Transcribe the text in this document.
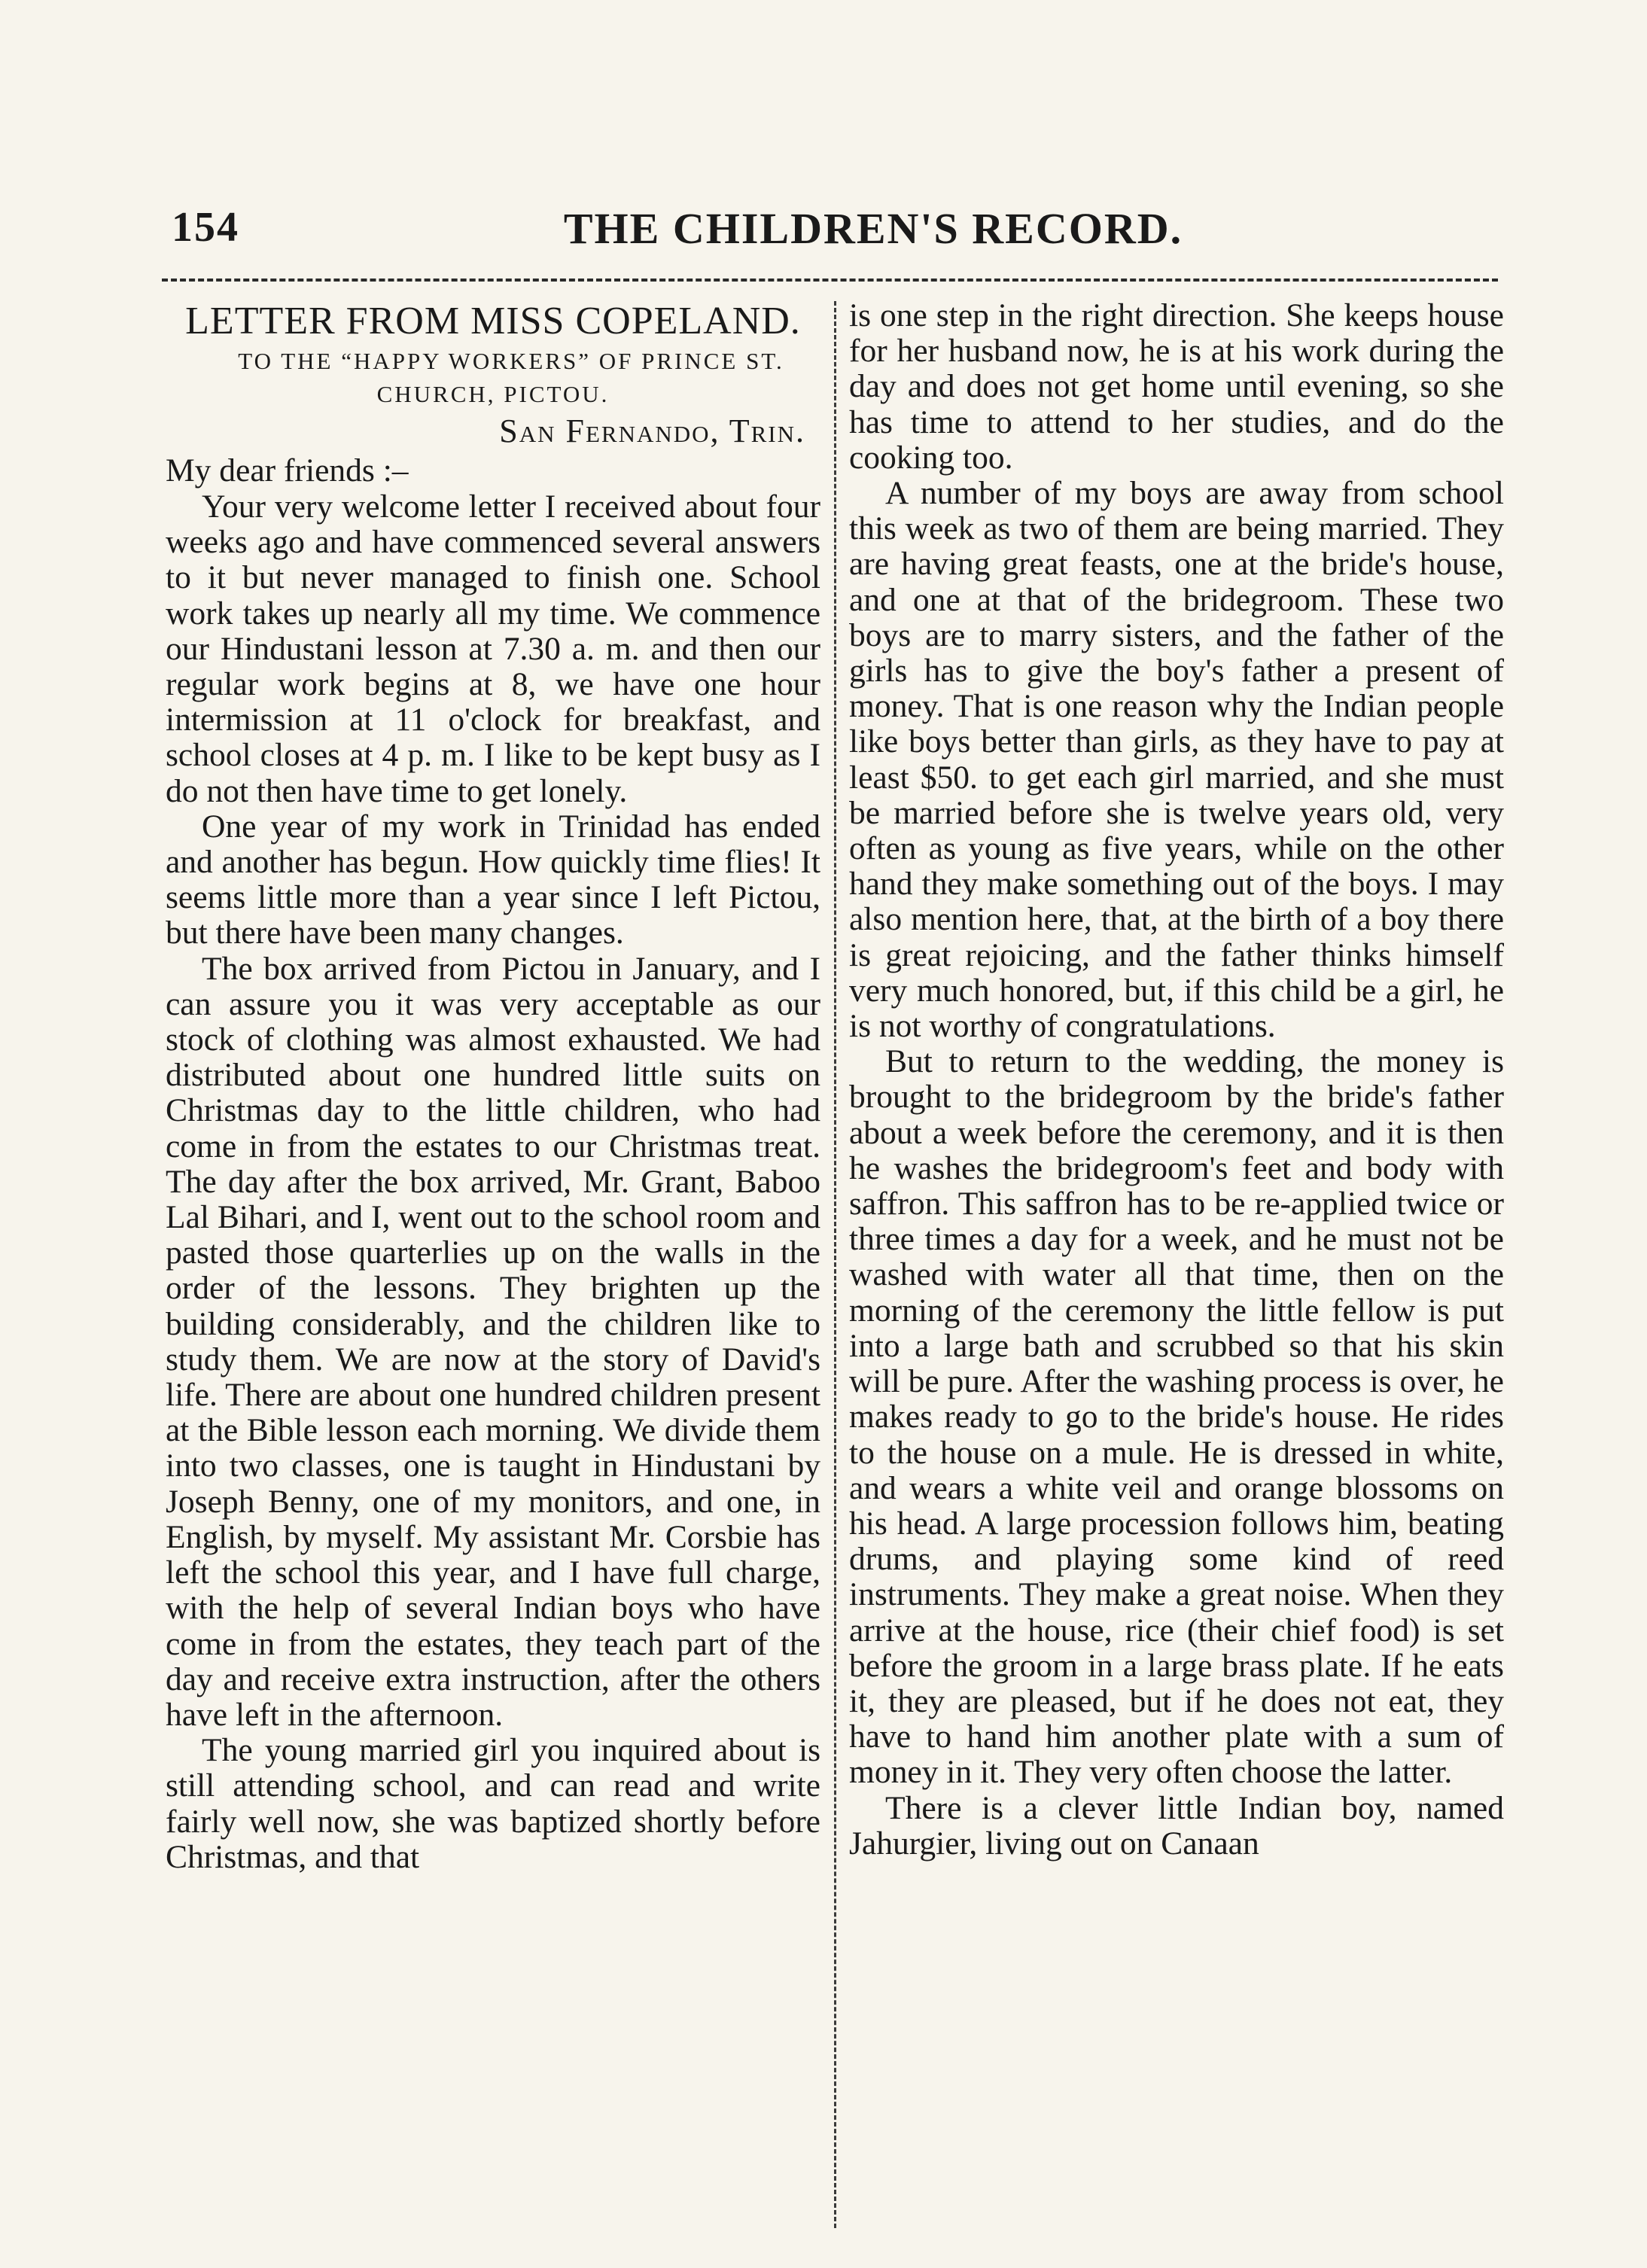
154	THE CHILDREN'S RECORD.

LETTER FROM MISS COPELAND.

TO THE “HAPPY WORKERS” OF PRINCE ST. CHURCH, PICTOU.

San Fernando, Trin.

My dear friends :–

Your very welcome letter I received about four weeks ago and have commenced several answers to it but never managed to finish one. School work takes up nearly all my time. We commence our Hindustani lesson at 7.30 a. m. and then our regular work begins at 8, we have one hour intermission at 11 o'clock for breakfast, and school closes at 4 p. m. I like to be kept busy as I do not then have time to get lonely.

One year of my work in Trinidad has ended and another has begun. How quickly time flies! It seems little more than a year since I left Pictou, but there have been many changes.

The box arrived from Pictou in January, and I can assure you it was very acceptable as our stock of clothing was almost exhausted. We had distributed about one hundred little suits on Christmas day to the little children, who had come in from the estates to our Christmas treat. The day after the box arrived, Mr. Grant, Baboo Lal Bihari, and I, went out to the school room and pasted those quarterlies up on the walls in the order of the lessons. They brighten up the building considerably, and the children like to study them. We are now at the story of David's life. There are about one hundred children present at the Bible lesson each morning. We divide them into two classes, one is taught in Hindustani by Joseph Benny, one of my monitors, and one, in English, by myself. My assistant Mr. Corsbie has left the school this year, and I have full charge, with the help of several Indian boys who have come in from the estates, they teach part of the day and receive extra instruction, after the others have left in the afternoon.

The young married girl you inquired about is still attending school, and can read and write fairly well now, she was baptized shortly before Christmas, and that

is one step in the right direction. She keeps house for her husband now, he is at his work during the day and does not get home until evening, so she has time to attend to her studies, and do the cooking too.

A number of my boys are away from school this week as two of them are being married. They are having great feasts, one at the bride's house, and one at that of the bridegroom. These two boys are to marry sisters, and the father of the girls has to give the boy's father a present of money. That is one reason why the Indian people like boys better than girls, as they have to pay at least $50. to get each girl married, and she must be married before she is twelve years old, very often as young as five years, while on the other hand they make something out of the boys. I may also mention here, that, at the birth of a boy there is great rejoicing, and the father thinks himself very much honored, but, if this child be a girl, he is not worthy of congratulations.

But to return to the wedding, the money is brought to the bridegroom by the bride's father about a week before the ceremony, and it is then he washes the bridegroom's feet and body with saffron. This saffron has to be re-applied twice or three times a day for a week, and he must not be washed with water all that time, then on the morning of the ceremony the little fellow is put into a large bath and scrubbed so that his skin will be pure. After the washing process is over, he makes ready to go to the bride's house. He rides to the house on a mule. He is dressed in white, and wears a white veil and orange blossoms on his head. A large procession follows him, beating drums, and playing some kind of reed instruments. They make a great noise. When they arrive at the house, rice (their chief food) is set before the groom in a large brass plate. If he eats it, they are pleased, but if he does not eat, they have to hand him another plate with a sum of money in it. They very often choose the latter.

There is a clever little Indian boy, named Jahurgier, living out on Canaan
